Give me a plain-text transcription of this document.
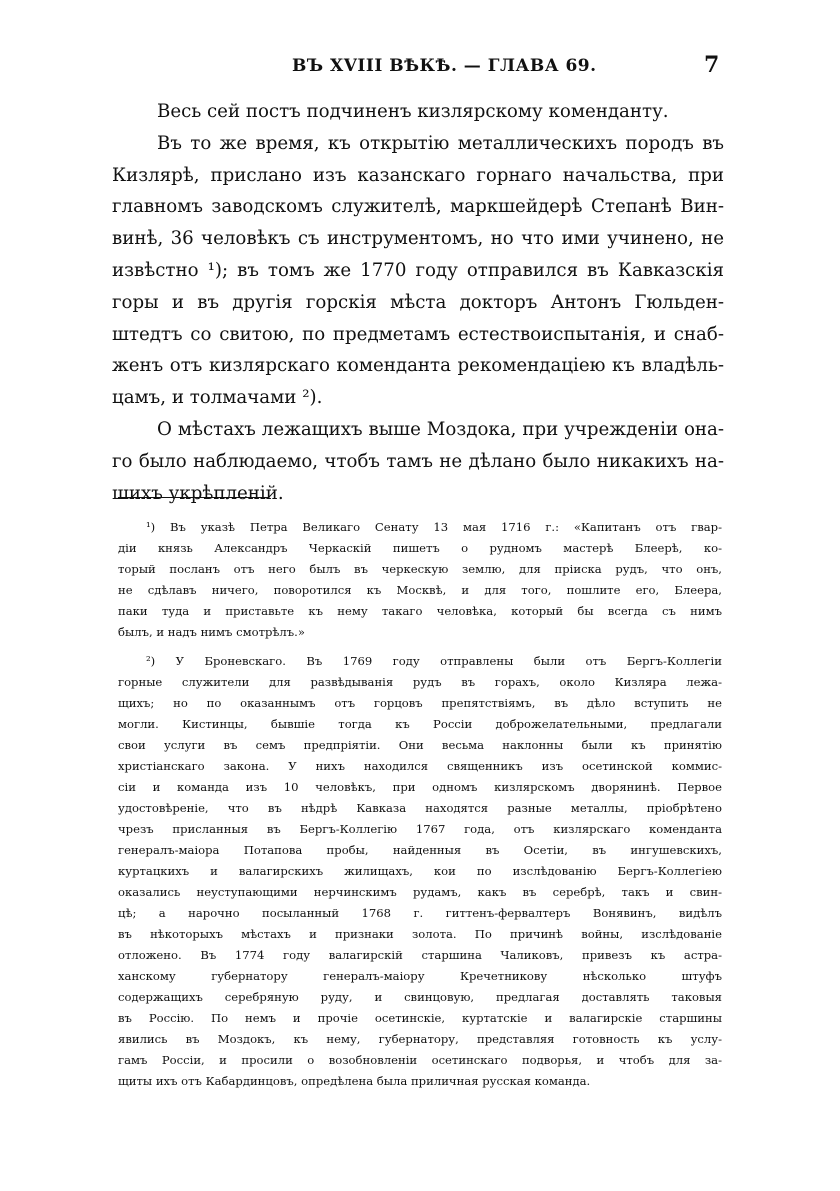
ВЪ XVIII ВѢКѢ. — ГЛАВА 69.	7
Весь сей постъ подчиненъ кизлярскому коменданту.
Въ то же время, къ открытію металлическихъ породъ въ
Кизлярѣ, прислано изъ казанскаго горнаго начальства, при
главномъ заводскомъ служителѣ, маркшейдерѣ Степанѣ Вин-
винѣ, 36 человѣкъ съ инструментомъ, но что ими учинено, не
извѣстно ¹); въ томъ же 1770 году отправился въ Кавказскія
горы и въ другія горскія мѣста докторъ Антонъ Гюльден-
штедтъ со свитою, по предметамъ естествоиспытанія, и снаб-
женъ отъ кизлярскаго коменданта рекомендаціею къ владѣль-
цамъ, и толмачами ²).
О мѣстахъ лежащихъ выше Моздока, при учрежденіи она-
го было наблюдаемо, чтобъ тамъ не дѣлано было никакихъ на-
шихъ укрѣпленій.
¹) Въ указѣ Петра Великаго Сенату 13 мая 1716 г.: «Капитанъ отъ гвар-
діи князь Александръ Черкаскій пишетъ о рудномъ мастерѣ Блеерѣ, ко-
торый посланъ отъ него былъ въ черкескую землю, для пріиска рудъ, что онъ,
не сдѣлавъ ничего, поворотился къ Москвѣ, и для того, пошлите его, Блеера,
паки туда и приставьте къ нему такаго человѣка, который бы всегда съ нимъ
былъ, и надъ нимъ смотрѣлъ.»
²) У Броневскаго. Въ 1769 году отправлены были отъ Бергъ-Коллегіи
горные служители для развѣдыванія рудъ въ горахъ, около Кизляра лежа-
щихъ; но по оказаннымъ отъ горцовъ препятствіямъ, въ дѣло вступить не
могли. Кистинцы, бывшіе тогда къ Россіи доброжелательными, предлагали
свои услуги въ семъ предпріятіи. Они весьма наклонны были къ принятію
христіанскаго закона. У нихъ находился священникъ изъ осетинской коммис-
сіи и команда изъ 10 человѣкъ, при одномъ кизлярскомъ дворянинѣ. Первое
удостовѣреніе, что въ нѣдрѣ Кавказа находятся разные металлы, пріобрѣтено
чрезъ присланныя въ Бергъ-Коллегію 1767 года, отъ кизлярскаго коменданта
генералъ-маіора Потапова пробы, найденныя въ Осетіи, въ ингушевскихъ,
куртацкихъ и валагирскихъ жилищахъ, кои по изслѣдованію Бергъ-Коллегіею
оказались неуступающими нерчинскимъ рудамъ, какъ въ серебрѣ, такъ и свин-
цѣ; а нарочно посыланный 1768 г. гиттенъ-фервалтеръ Вонявинъ, видѣлъ
въ нѣкоторыхъ мѣстахъ и признаки золота. По причинѣ войны, изслѣдованіе
отложено. Въ 1774 году валагирскій старшина Чаликовъ, привезъ къ астра-
ханскому губернатору генералъ-маіору Кречетникову нѣсколько штуфъ
содержащихъ серебряную руду, и свинцовую, предлагая доставлять таковыя
въ Россію. По немъ и прочіе осетинскіе, куртатскіе и валагирскіе старшины
явились въ Моздокъ, къ нему, губернатору, представляя готовность къ услу-
гамъ Россіи, и просили о возобновленіи осетинскаго подворья, и чтобъ для за-
щиты ихъ отъ Кабардинцовъ, опредѣлена была приличная русская команда.
